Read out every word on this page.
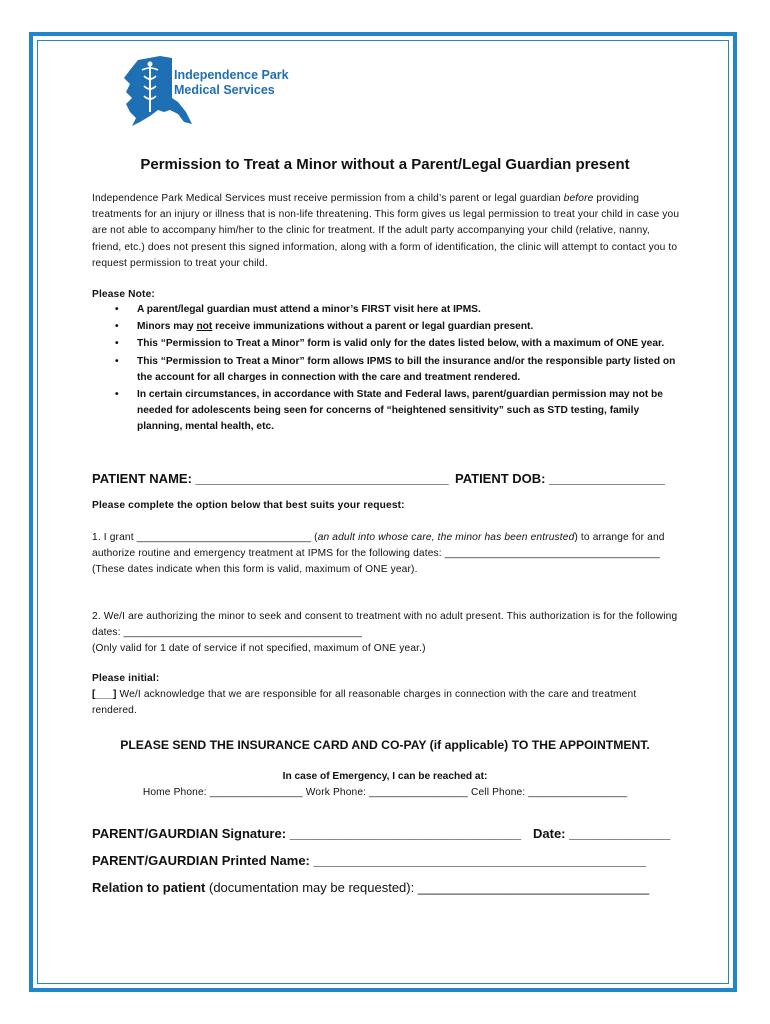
Independence Park
Medical Services
Permission to Treat a Minor without a Parent/Legal Guardian present
Independence Park Medical Services must receive permission from a child’s parent or legal guardian before providing treatments for an injury or illness that is non-life threatening. This form gives us legal permission to treat your child in case you are not able to accompany him/her to the clinic for treatment. If the adult party accompanying your child (relative, nanny, friend, etc.) does not present this signed information, along with a form of identification, the clinic will attempt to contact you to request permission to treat your child.
Please Note:
• A parent/legal guardian must attend a minor’s FIRST visit here at IPMS.
• Minors may not receive immunizations without a parent or legal guardian present.
• This “Permission to Treat a Minor” form is valid only for the dates listed below, with a maximum of ONE year.
• This “Permission to Treat a Minor” form allows IPMS to bill the insurance and/or the responsible party listed on the account for all charges in connection with the care and treatment rendered.
• In certain circumstances, in accordance with State and Federal laws, parent/guardian permission may not be needed for adolescents being seen for concerns of “heightened sensitivity” such as STD testing, family planning, mental health, etc.
PATIENT NAME: ___________________________________ PATIENT DOB: ________________
Please complete the option below that best suits your request:
1. I grant ______________________________ (an adult into whose care, the minor has been entrusted) to arrange for and authorize routine and emergency treatment at IPMS for the following dates: _____________________________________ (These dates indicate when this form is valid, maximum of ONE year).
2. We/I are authorizing the minor to seek and consent to treatment with no adult present. This authorization is for the following dates: _________________________________________
(Only valid for 1 date of service if not specified, maximum of ONE year.)
Please initial:
[___] We/I acknowledge that we are responsible for all reasonable charges in connection with the care and treatment rendered.
PLEASE SEND THE INSURANCE CARD AND CO-PAY (if applicable) TO THE APPOINTMENT.
In case of Emergency, I can be reached at:
Home Phone: ________________ Work Phone: _________________ Cell Phone: _________________
PARENT/GAURDIAN Signature: ________________________________ Date: ______________
PARENT/GAURDIAN Printed Name: ______________________________________________
Relation to patient (documentation may be requested): ________________________________
